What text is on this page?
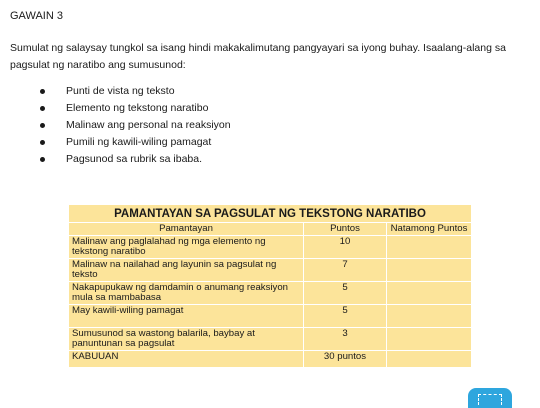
GAWAIN 3
Sumulat ng salaysay tungkol sa isang hindi makakalimutang pangyayari sa iyong buhay. Isaalang-alang sa pagsulat ng naratibo ang sumusunod:
Punti de vista ng teksto
Elemento ng tekstong naratibo
Malinaw ang personal na reaksiyon
Pumili ng kawili-wiling pamagat
Pagsunod sa rubrik sa ibaba.
PAMANTAYAN SA PAGSULAT NG TEKSTONG NARATIBO
Pamantayan	Puntos	Natamong Puntos
Malinaw ang paglalahad ng mga elemento ng tekstong naratibo	10	
Malinaw na nailahad ang layunin sa pagsulat ng teksto	7	
Nakapupukaw ng damdamin o anumang reaksiyon mula sa mambabasa	5	
May kawili-wiling pamagat	5	
Sumusunod sa wastong balarila, baybay at panuntunan sa pagsulat	3	
KABUUAN	30 puntos	
